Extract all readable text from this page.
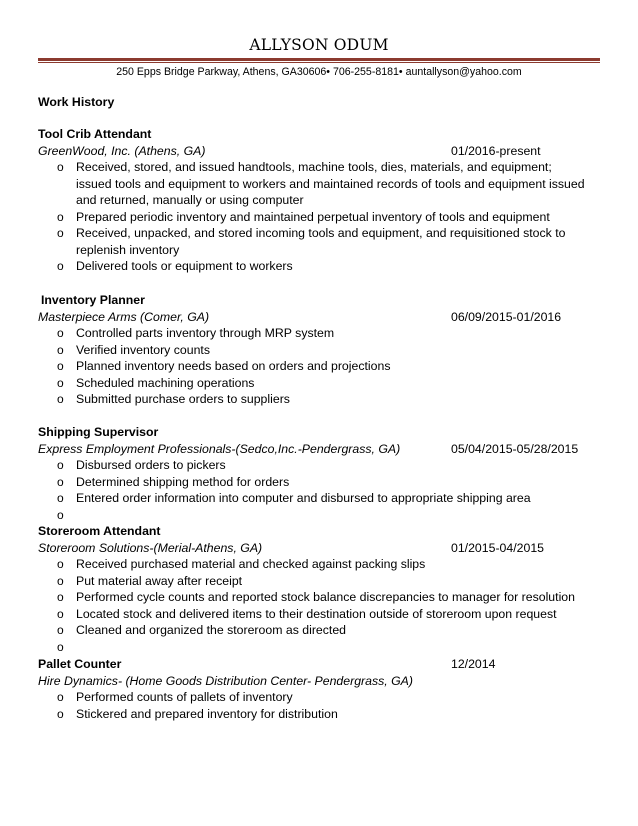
ALLYSON ODUM
250 Epps Bridge Parkway, Athens, GA30606• 706-255-8181• auntallyson@yahoo.com
Work History
Tool Crib Attendant
GreenWood, Inc. (Athens, GA)	01/2016-present
o Received, stored, and issued handtools, machine tools, dies, materials, and equipment;
issued tools and equipment to workers and maintained records of tools and equipment issued
and returned, manually or using computer
o Prepared periodic inventory and maintained perpetual inventory of tools and equipment
o Received, unpacked, and stored incoming tools and equipment, and requisitioned stock to
replenish inventory
o Delivered tools or equipment to workers
Inventory Planner
Masterpiece Arms (Comer, GA)	06/09/2015-01/2016
o Controlled parts inventory through MRP system
o Verified inventory counts
o Planned inventory needs based on orders and projections
o Scheduled machining operations
o Submitted purchase orders to suppliers
Shipping Supervisor
Express Employment Professionals-(Sedco,Inc.-Pendergrass, GA)	05/04/2015-05/28/2015
o Disbursed orders to pickers
o Determined shipping method for orders
o Entered order information into computer and disbursed to appropriate shipping area
o
Storeroom Attendant
Storeroom Solutions-(Merial-Athens, GA)	01/2015-04/2015
o Received purchased material and checked against packing slips
o Put material away after receipt
o Performed cycle counts and reported stock balance discrepancies to manager for resolution
o Located stock and delivered items to their destination outside of storeroom upon request
o Cleaned and organized the storeroom as directed
o
Pallet Counter	12/2014
Hire Dynamics- (Home Goods Distribution Center- Pendergrass, GA)
o Performed counts of pallets of inventory
o Stickered and prepared inventory for distribution
